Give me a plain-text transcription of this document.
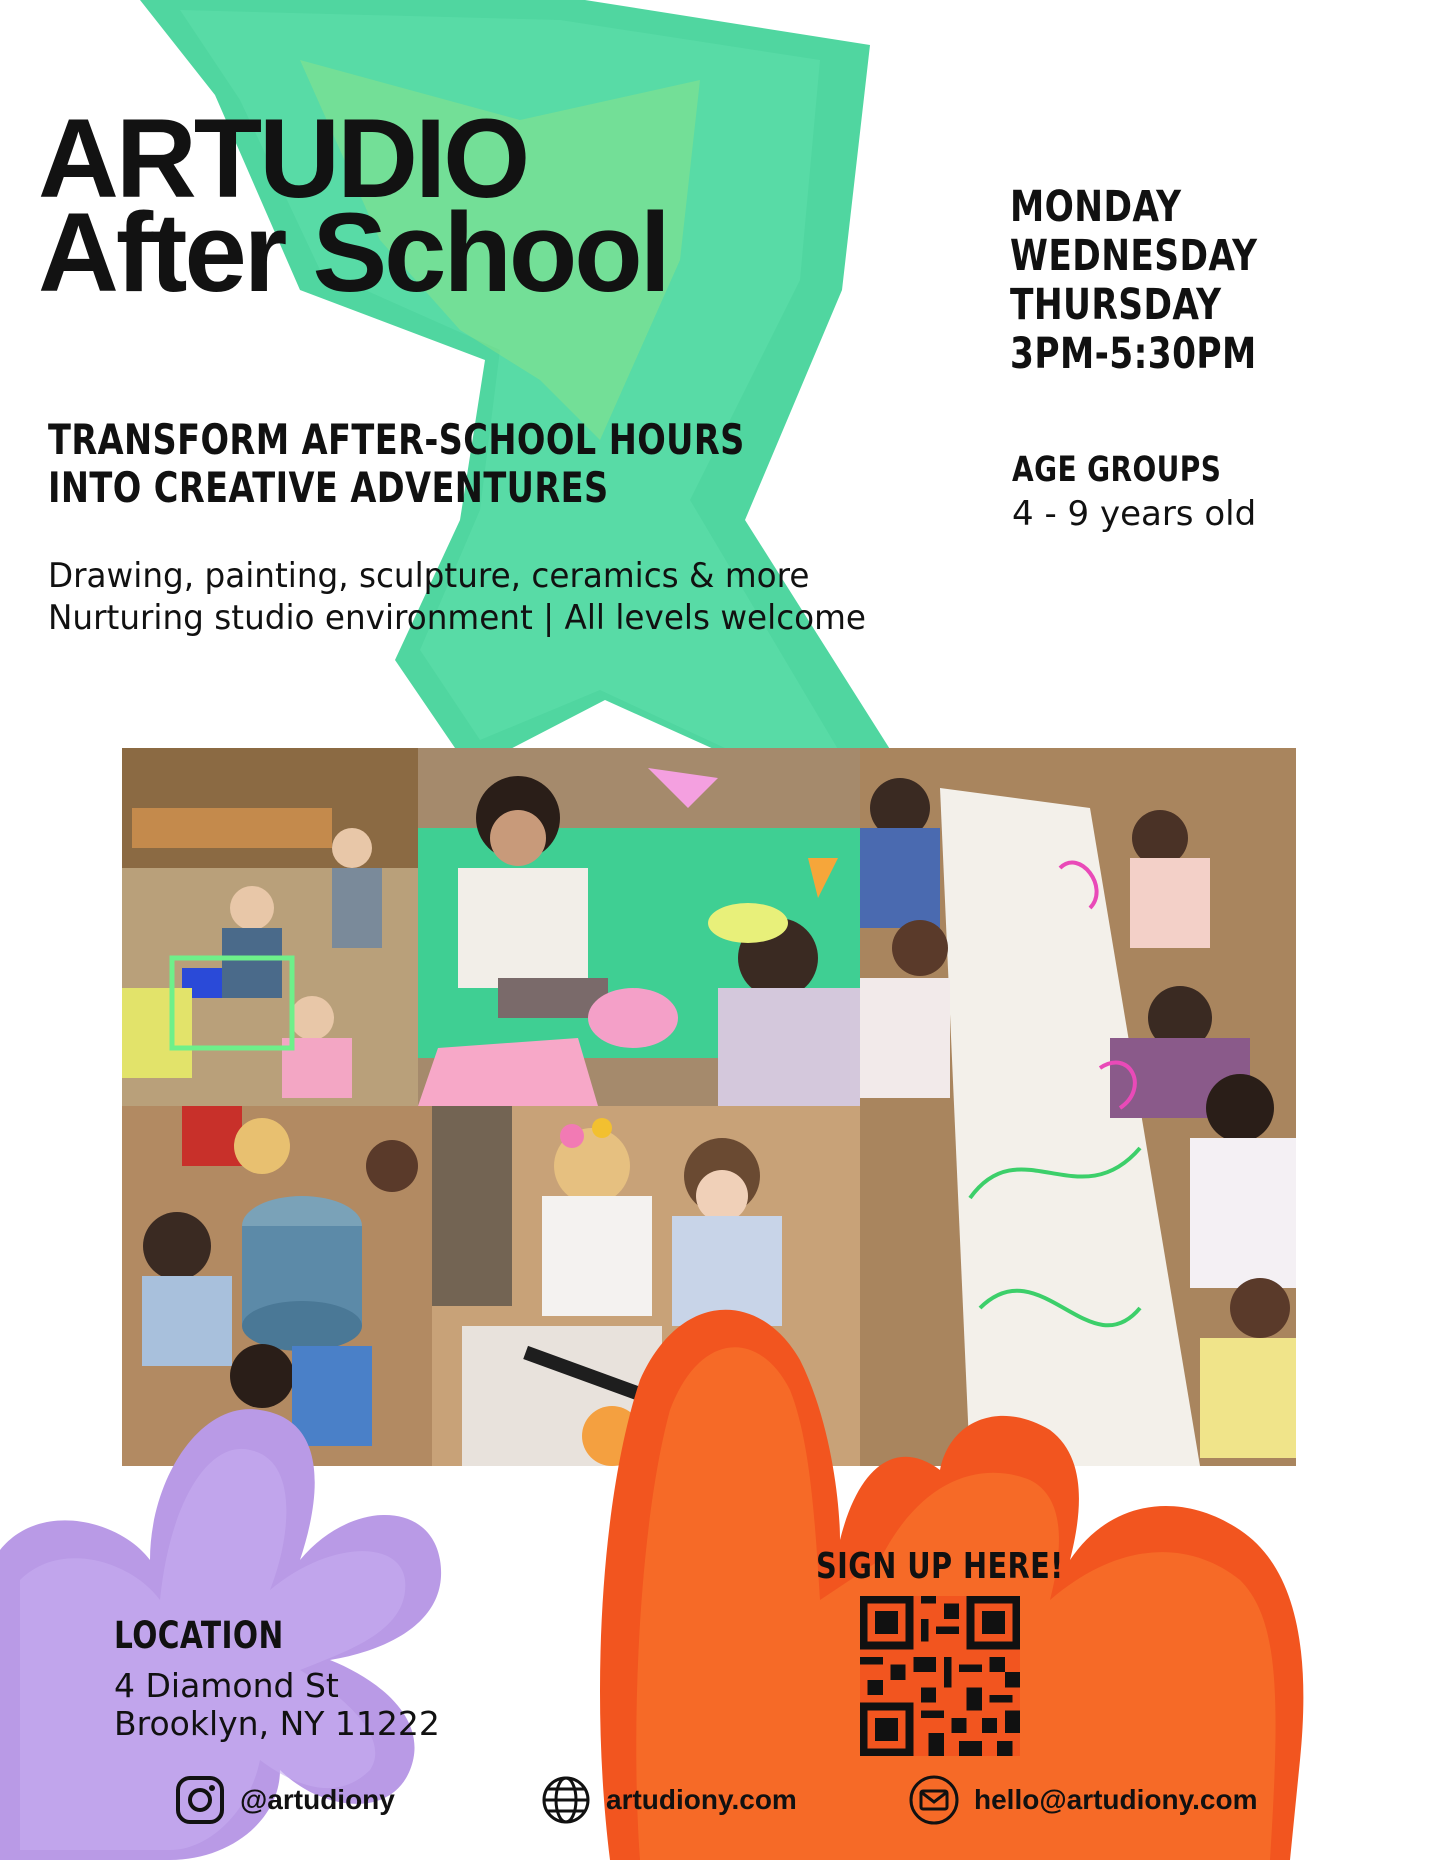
ARTUDIO
After School	MONDAY
WEDNESDAY
THURSDAY
3PM-5:30PM
TRANSFORM AFTER-SCHOOL HOURS
INTO CREATIVE ADVENTURES	AGE GROUPS
4 - 9 years old
Drawing, painting, sculpture, ceramics & more
Nurturing studio environment | All levels welcome
LOCATION
4 Diamond St
Brooklyn, NY 11222
SIGN UP HERE!
@artudiony	artudiony.com	hello@artudiony.com
